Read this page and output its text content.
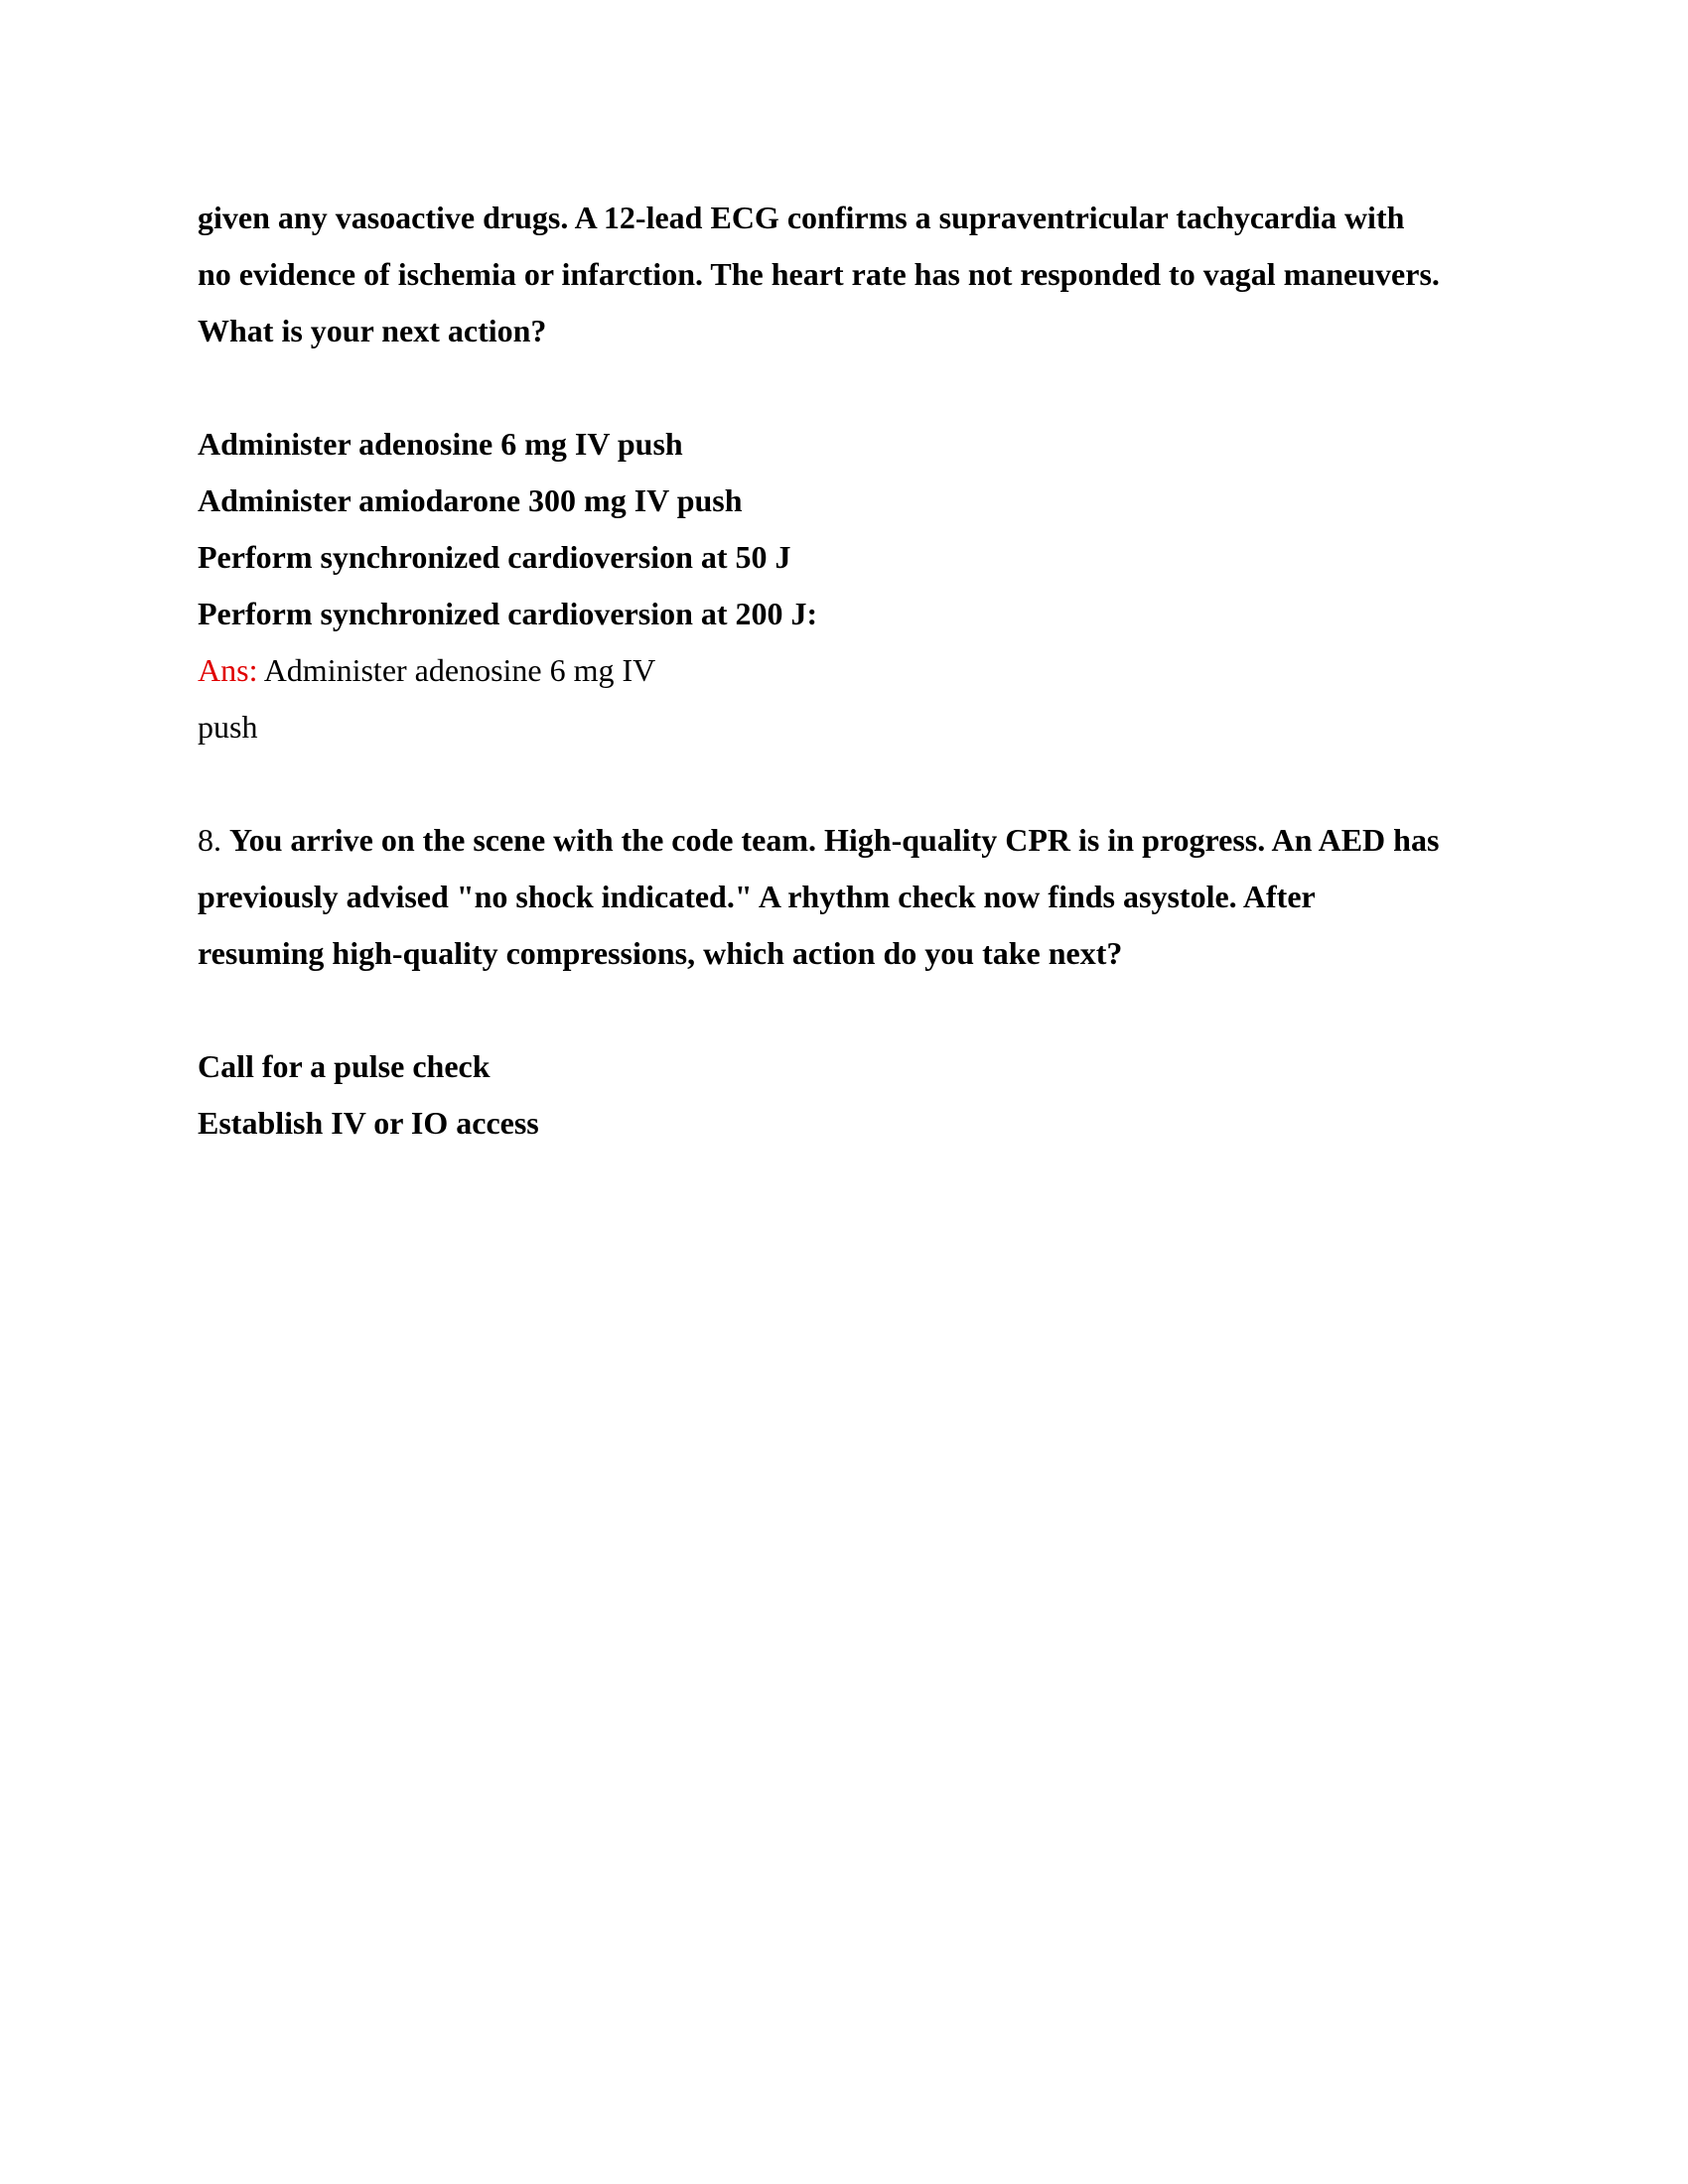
given any vasoactive drugs. A 12-lead ECG confirms a supraventricular tachycardia with
no evidence of ischemia or infarction. The heart rate has not responded to vagal maneuvers.
What is your next action?
Administer adenosine 6 mg IV push
Administer amiodarone 300 mg IV push
Perform synchronized cardioversion at 50 J
Perform synchronized cardioversion at 200 J:
Ans: Administer adenosine 6 mg IV
push
8. You arrive on the scene with the code team. High-quality CPR is in progress. An AED has
previously advised "no shock indicated." A rhythm check now finds asystole. After
resuming high-quality compressions, which action do you take next?
Call for a pulse check
Establish IV or IO access
